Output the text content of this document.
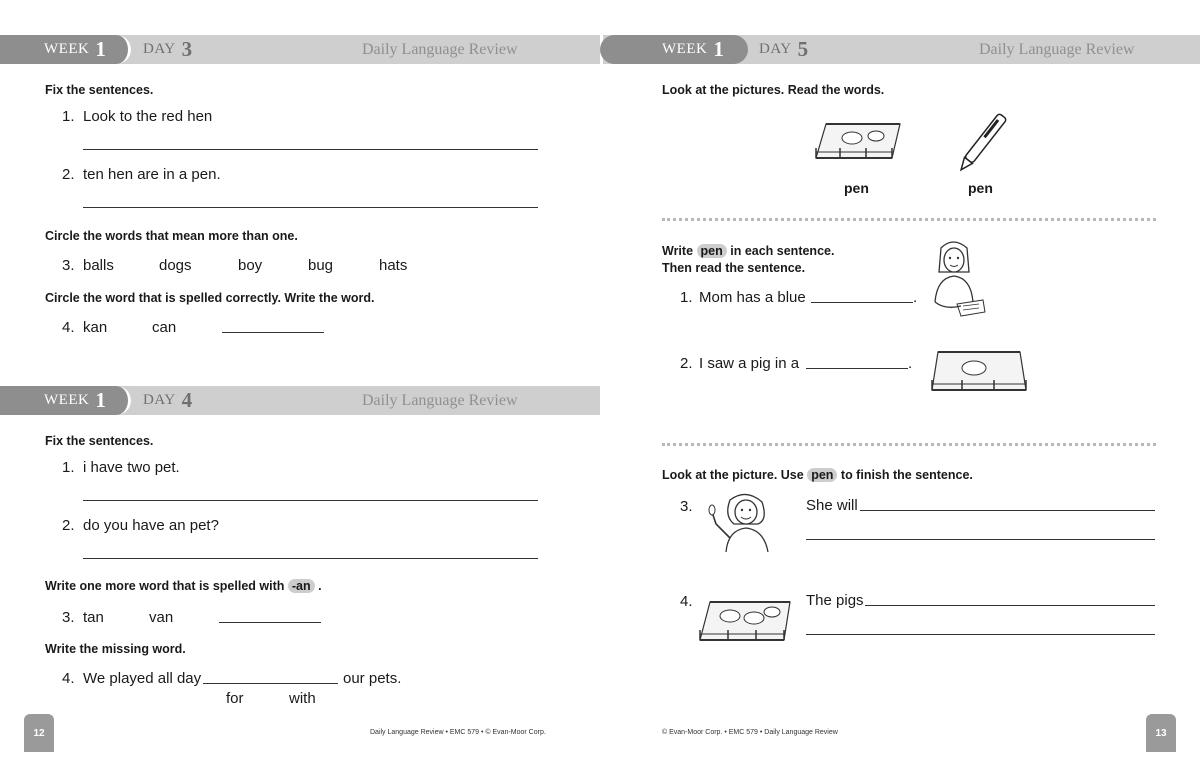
WEEK 1 DAY 3	Daily Language Review
Fix the sentences.
1. Look to the red hen
2. ten hen are in a pen.
Circle the words that mean more than one.
3. balls	dogs	boy	bug	hats
Circle the word that is spelled correctly. Write the word.
4. kan	can
WEEK 1 DAY 4	Daily Language Review
Fix the sentences.
1. i have two pet.
2. do you have an pet?
Write one more word that is spelled with -an .
3. tan	van
Write the missing word.
4. We played all day	our pets.
for	with
12	Daily Language Review • EMC 579 • © Evan-Moor Corp.
WEEK 1 DAY 5	Daily Language Review
Look at the pictures. Read the words.
pen	pen
Write pen in each sentence.
Then read the sentence.
1. Mom has a blue	.
2. I saw a pig in a	.
Look at the picture. Use pen to finish the sentence.
3.	She will
4.	The pigs
© Evan-Moor Corp. • EMC 579 • Daily Language Review	13
